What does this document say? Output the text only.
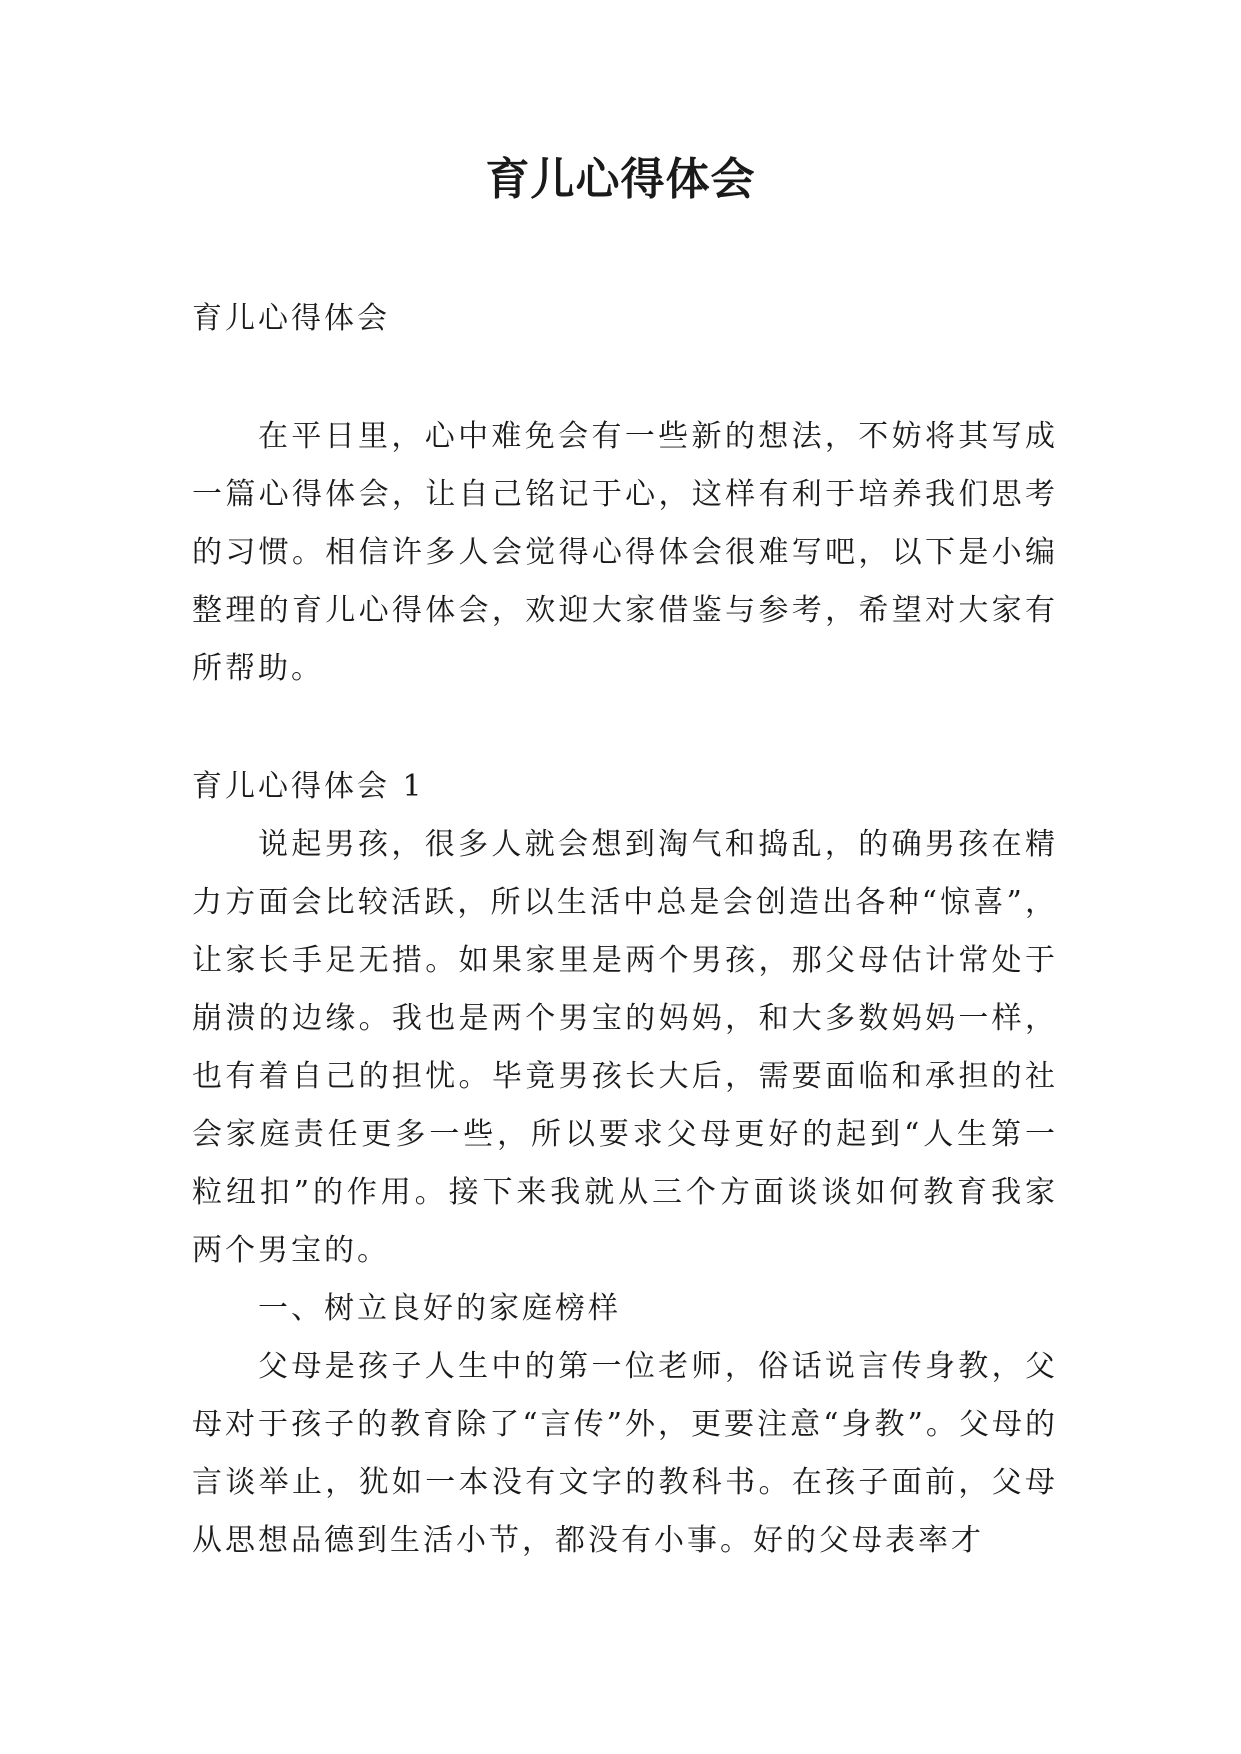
育儿心得体会

育儿心得体会

在平日里，心中难免会有一些新的想法，不妨将其写成一篇心得体会，让自己铭记于心，这样有利于培养我们思考的习惯。相信许多人会觉得心得体会很难写吧，以下是小编整理的育儿心得体会，欢迎大家借鉴与参考，希望对大家有所帮助。

育儿心得体会 1

说起男孩，很多人就会想到淘气和捣乱，的确男孩在精力方面会比较活跃，所以生活中总是会创造出各种“惊喜”，让家长手足无措。如果家里是两个男孩，那父母估计常处于崩溃的边缘。我也是两个男宝的妈妈，和大多数妈妈一样，也有着自己的担忧。毕竟男孩长大后，需要面临和承担的社会家庭责任更多一些，所以要求父母更好的起到“人生第一粒纽扣”的作用。接下来我就从三个方面谈谈如何教育我家两个男宝的。

一、树立良好的家庭榜样

父母是孩子人生中的第一位老师，俗话说言传身教，父母对于孩子的教育除了“言传”外，更要注意“身教”。父母的言谈举止，犹如一本没有文字的教科书。在孩子面前，父母从思想品德到生活小节，都没有小事。好的父母表率才
